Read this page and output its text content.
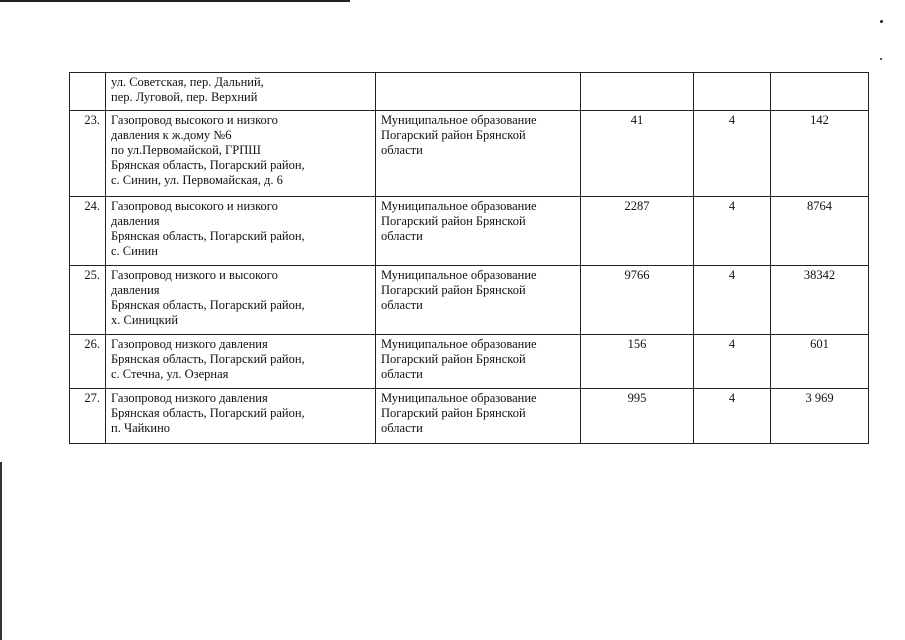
	ул. Советская, пер. Дальний,
пер. Луговой, пер. Верхний				

23.	Газопровод высокого и низкого
давления к ж.дому №6
по ул.Первомайской, ГРПШ
Брянская область, Погарский район,
с. Синин, ул. Первомайская, д. 6	Муниципальное образование
Погарский район Брянской
области	41	4	142
24.	Газопровод высокого и низкого
давления
Брянская область, Погарский район,
с. Синин	Муниципальное образование
Погарский район Брянской
области	2287	4	8764
25.	Газопровод низкого и высокого
давления
Брянская область, Погарский район,
х. Синицкий	Муниципальное образование
Погарский район Брянской
области	9766	4	38342
26.	Газопровод низкого давления
Брянская область, Погарский район,
с. Стечна, ул. Озерная	Муниципальное образование
Погарский район Брянской
области	156	4	601
27.	Газопровод низкого давления
Брянская область, Погарский район,
п. Чайкино	Муниципальное образование
Погарский район Брянской
области	995	4	3 969
